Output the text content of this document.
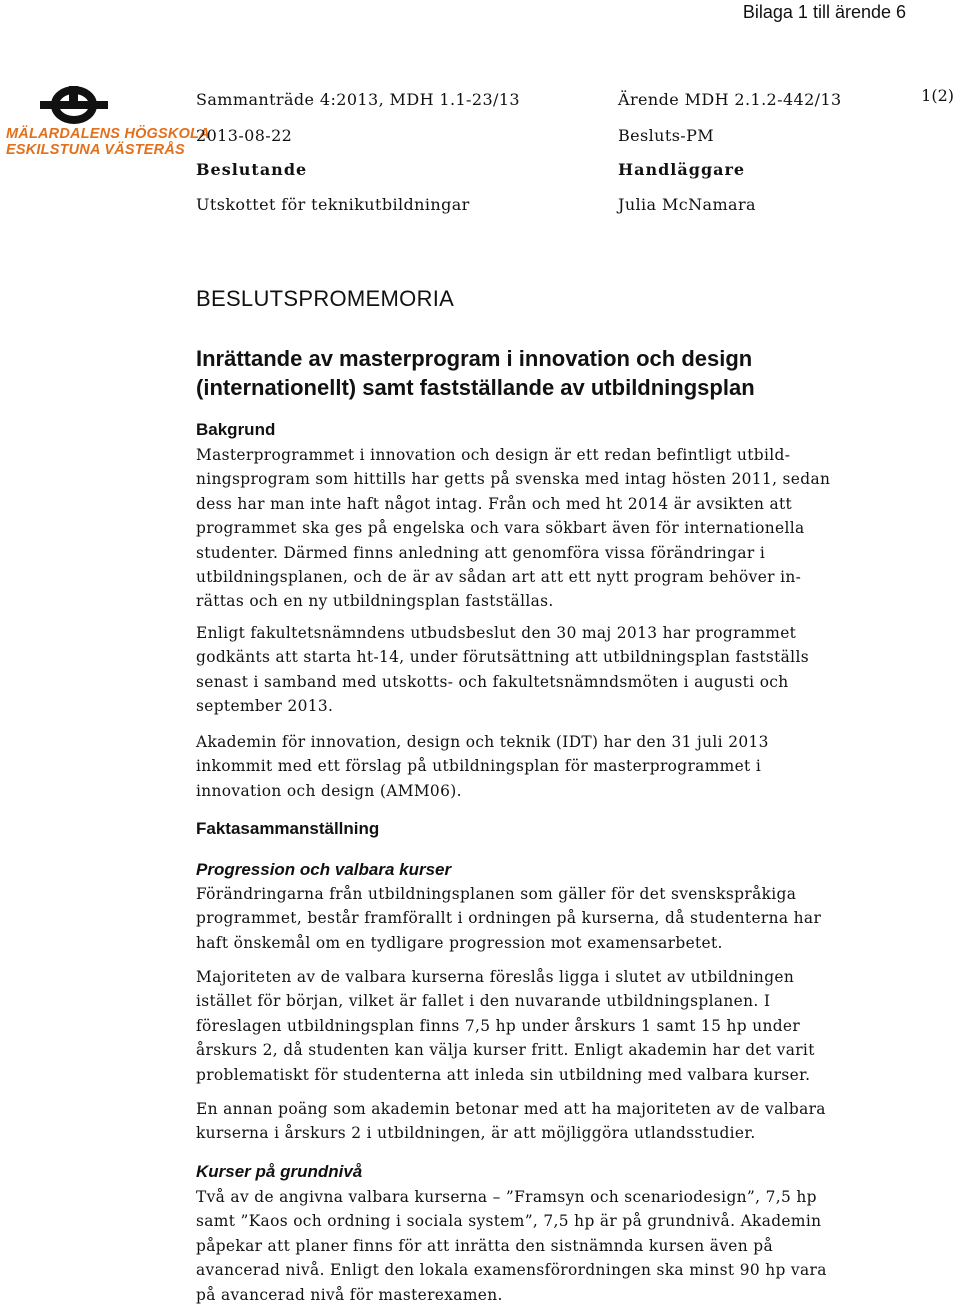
Bilaga 1 till ärende 6
MÄLARDALENS HÖGSKOLA
ESKILSTUNA VÄSTERÅS
Sammanträde 4:2013, MDH 1.1-23/13	Ärende MDH 2.1.2-442/13	1(2)
2013-08-22	Besluts-PM
Beslutande	Handläggare
Utskottet för teknikutbildningar	Julia McNamara
BESLUTSPROMEMORIA
Inrättande av masterprogram i innovation och design (internationellt) samt fastställande av utbildningsplan
Bakgrund

Masterprogrammet i innovation och design är ett redan befintligt utbild-ningsprogram som hittills har getts på svenska med intag hösten 2011, sedan dess har man inte haft något intag. Från och med ht 2014 är avsikten att programmet ska ges på engelska och vara sökbart även för internationella studenter. Därmed finns anledning att genomföra vissa förändringar i utbildningsplanen, och de är av sådan art att ett nytt program behöver in-rättas och en ny utbildningsplan fastställas.

Enligt fakultetsnämndens utbudsbeslut den 30 maj 2013 har programmet godkänts att starta ht-14, under förutsättning att utbildningsplan fastställs senast i samband med utskotts- och fakultetsnämndsmöten i augusti och september 2013.

Akademin för innovation, design och teknik (IDT) har den 31 juli 2013 inkommit med ett förslag på utbildningsplan för masterprogrammet i innovation och design (AMM06).

Faktasammanställning
Progression och valbara kurser

Förändringarna från utbildningsplanen som gäller för det svenskspråkiga programmet, består framförallt i ordningen på kurserna, då studenterna har haft önskemål om en tydligare progression mot examensarbetet.

Majoriteten av de valbara kurserna föreslås ligga i slutet av utbildningen istället för början, vilket är fallet i den nuvarande utbildningsplanen. I föreslagen utbildningsplan finns 7,5 hp under årskurs 1 samt 15 hp under årskurs 2, då studenten kan välja kurser fritt. Enligt akademin har det varit problematiskt för studenterna att inleda sin utbildning med valbara kurser.

En annan poäng som akademin betonar med att ha majoriteten av de valbara kurserna i årskurs 2 i utbildningen, är att möjliggöra utlandsstudier.

Kurser på grundnivå

Två av de angivna valbara kurserna – ”Framsyn och scenariodesign”, 7,5 hp samt ”Kaos och ordning i sociala system”, 7,5 hp är på grundnivå. Akademin påpekar att planer finns för att inrätta den sistnämnda kursen även på avancerad nivå. Enligt den lokala examensförordningen ska minst 90 hp vara på avancerad nivå för masterexamen.
